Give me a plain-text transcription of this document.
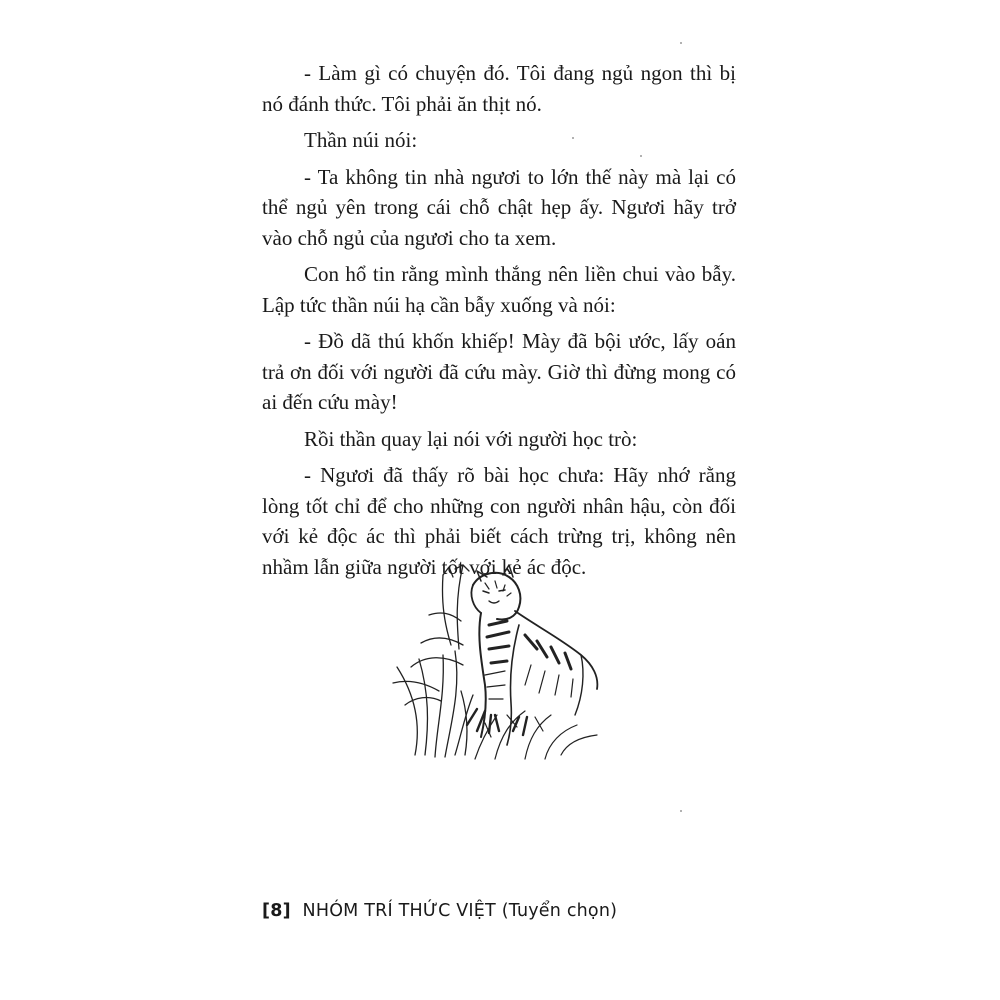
- Làm gì có chuyện đó. Tôi đang ngủ ngon thì bị nó đánh thức. Tôi phải ăn thịt nó.

Thần núi nói:

- Ta không tin nhà ngươi to lớn thế này mà lại có thể ngủ yên trong cái chỗ chật hẹp ấy. Ngươi hãy trở vào chỗ ngủ của ngươi cho ta xem.

Con hổ tin rằng mình thắng nên liền chui vào bẫy. Lập tức thần núi hạ cần bẫy xuống và nói:

- Đồ dã thú khốn khiếp! Mày đã bội ước, lấy oán trả ơn đối với người đã cứu mày. Giờ thì đừng mong có ai đến cứu mày!

Rồi thần quay lại nói với người học trò:

- Ngươi đã thấy rõ bài học chưa: Hãy nhớ rằng lòng tốt chỉ để cho những con người nhân hậu, còn đối với kẻ độc ác thì phải biết cách trừng trị, không nên nhầm lẫn giữa người tốt với kẻ ác độc.

[8] NHÓM TRÍ THỨC VIỆT (Tuyển chọn)
